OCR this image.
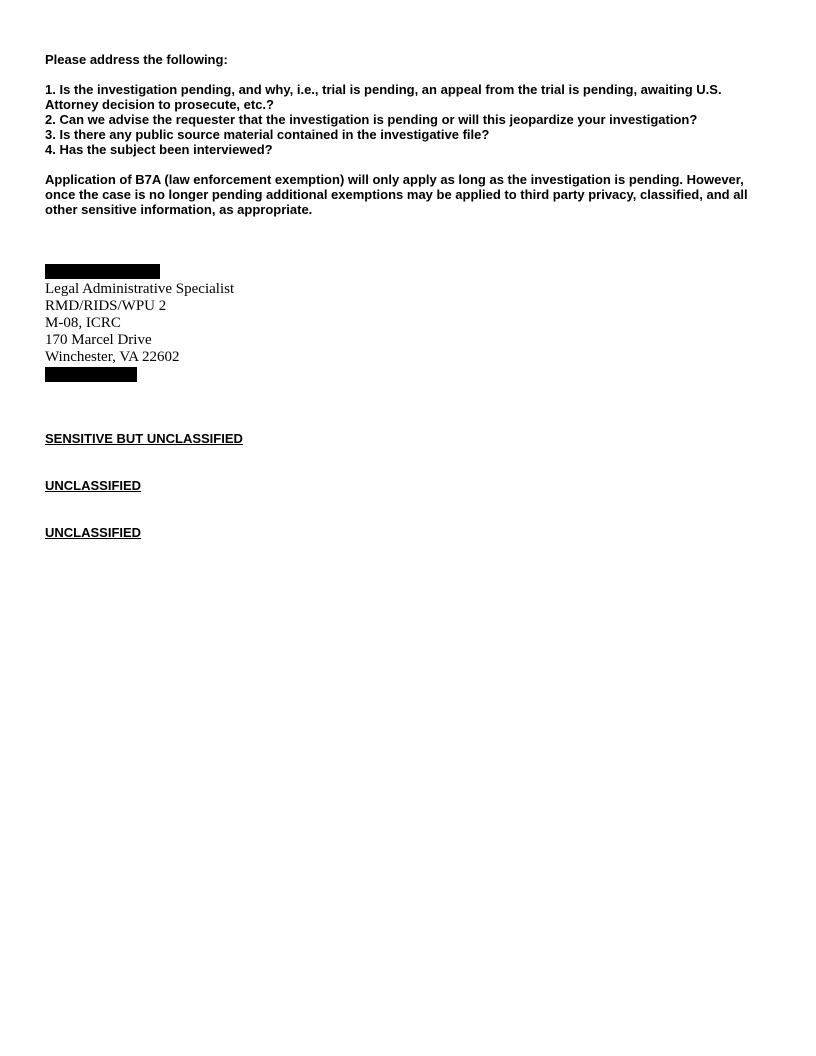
Please address the following:

1. Is the investigation pending, and why, i.e., trial is pending, an appeal from the trial is pending, awaiting U.S. Attorney decision to prosecute, etc.?
2. Can we advise the requester that the investigation is pending or will this jeopardize your investigation?
3. Is there any public source material contained in the investigative file?
4. Has the subject been interviewed?
Application of B7A (law enforcement exemption) will only apply as long as the investigation is pending. However, once the case is no longer pending additional exemptions may be applied to third party privacy, classified, and all other sensitive information, as appropriate.
Legal Administrative Specialist
RMD/RIDS/WPU 2
M-08, ICRC
170 Marcel Drive
Winchester, VA 22602
SENSITIVE BUT UNCLASSIFIED
UNCLASSIFIED
UNCLASSIFIED
